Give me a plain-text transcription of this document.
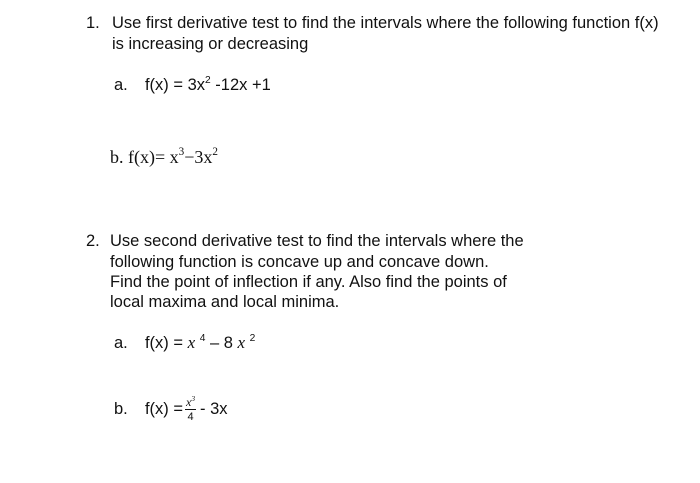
1. Use first derivative test to find the intervals where the following function f(x)
is increasing or decreasing
a. $f(x) = 3x^2$ -12x +1
b. $f(x)= x^3-3x^2$
2. Use second derivative test to find the intervals where the
following function is concave up and concave down.
Find the point of inflection if any. Also find the points of
local maxima and local minima.
a. f(x) = x $^4$ – 8 x $^2$
b. $f(x) = \frac{x^3}{4} - 3x$
